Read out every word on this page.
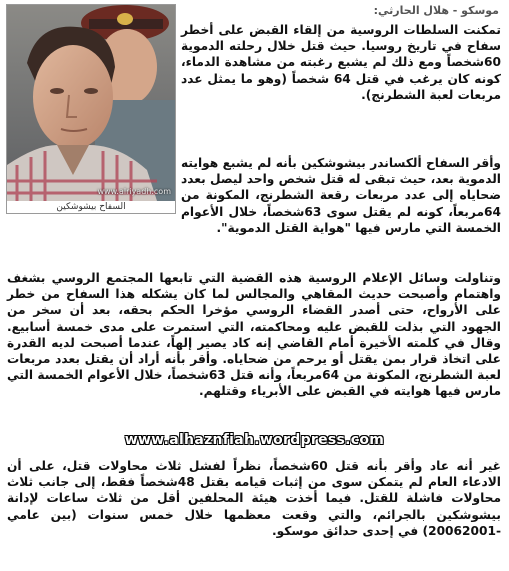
www.alriyadh.com
السفاح بيشوشكين
موسكو - هلال الحارثي:
تمكنت السلطات الروسية من إلقاء القبض على أخطر سفاح في تاريخ روسيا. حيث قتل خلال رحلته الدموية 60شخصاً ومع ذلك لم يشبع رغبته من مشاهدة الدماء، كونه كان يرغب في قتل 64 شخصاً (وهو ما يمثل عدد مربعات لعبة الشطرنج).
وأقر السفاح ألكساندر بيشوشكين بأنه لم يشبع هوايته الدموية بعد، حيث تبقى له قتل شخص واحد ليصل بعدد ضحاياه إلى عدد مربعات رقعة الشطرنج، المكونة من 64مربعاً، كونه لم يقتل سوى 63شخصاً، خلال الأعوام الخمسة التي مارس فيها "هواية القتل الدموية".
وتناولت وسائل الإعلام الروسية هذه القضية التي تابعها المجتمع الروسي بشغف واهتمام وأصبحت حديث المقاهي والمجالس لما كان يشكله هذا السفاح من خطر على الأرواح، حتى أصدر القضاء الروسي مؤخرا الحكم بحقه، بعد أن سخر من الجهود التي بذلت للقبض عليه ومحاكمته، التي استمرت على مدى خمسة أسابيع. وقال في كلمته الأخيرة أمام القاضي إنه كاد يصير إلهاً، عندما أصبحت لديه القدرة على اتخاذ قرار بمن يقتل أو يرحم من ضحاياه. وأقر بأنه أراد أن يقتل بعدد مربعات لعبة الشطرنج، المكونة من 64مربعاً، وأنه قتل 63شخصاً، خلال الأعوام الخمسة التي مارس فيها هوايته في القبض على الأبرياء وقتلهم.
غير أنه عاد وأقر بأنه قتل 60شخصاً، نظراً لفشل ثلاث محاولات قتل، على أن الادعاء العام لم يتمكن سوى من إثبات قيامه بقتل 48شخصاً فقط، إلى جانب ثلاث محاولات فاشلة للقتل. فيما أخذت هيئة المحلفين أقل من ثلاث ساعات لإدانة بيشوشكين بالجرائم، والتي وقعت معظمها خلال خمس سنوات (بين عامي -20062001) في إحدى حدائق موسكو.
www.alhaznfiah.wordpress.com
